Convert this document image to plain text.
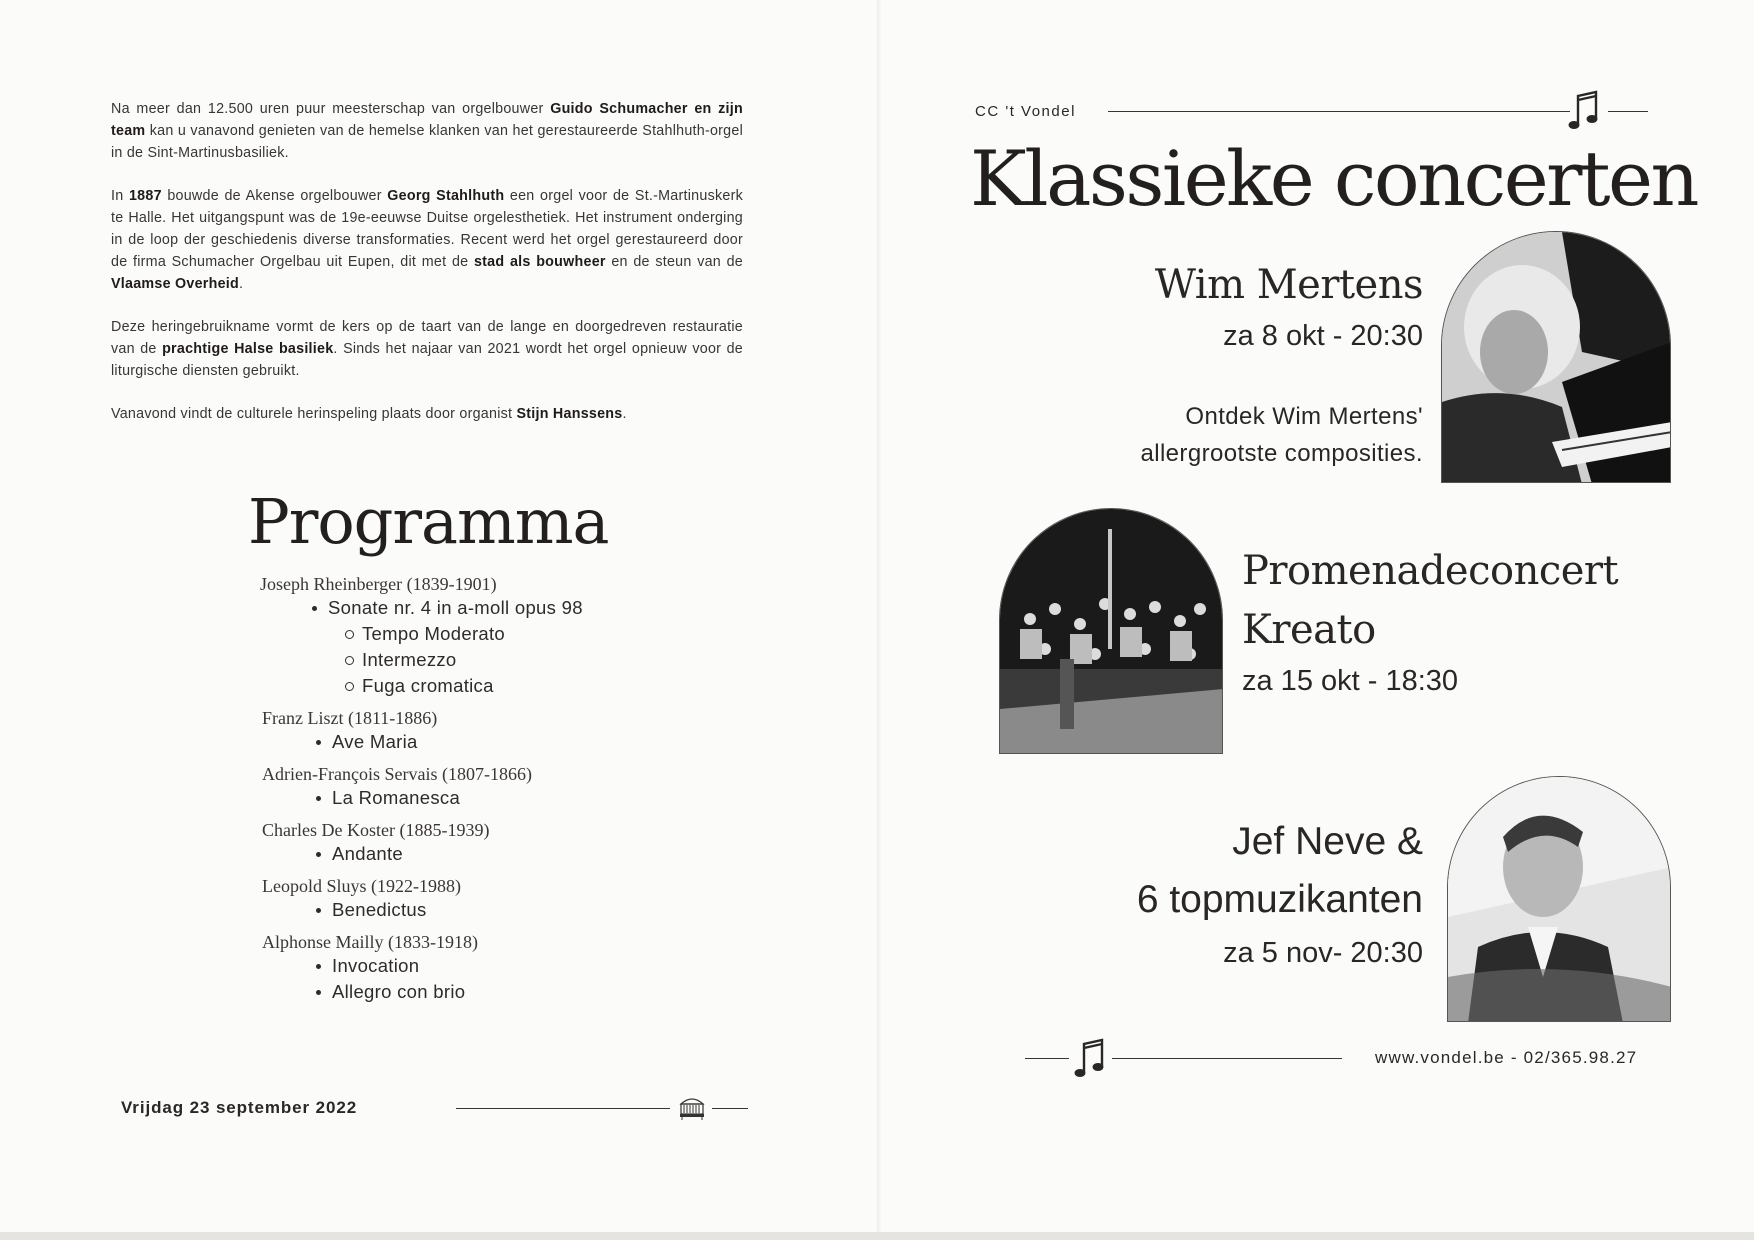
Na meer dan 12.500 uren puur meesterschap van orgelbouwer Guido Schumacher en zijn team kan u vanavond genieten van de hemelse klanken van het gerestaureerde Stahlhuth-orgel in de Sint-Martinusbasiliek.

In 1887 bouwde de Akense orgelbouwer Georg Stahlhuth een orgel voor de St.-Martinuskerk te Halle. Het uitgangspunt was de 19e-eeuwse Duitse orgelesthetiek. Het instrument onderging in de loop der geschiedenis diverse transformaties. Recent werd het orgel gerestaureerd door de firma Schumacher Orgelbau uit Eupen, dit met de stad als bouwheer en de steun van de Vlaamse Overheid.

Deze heringebruikname vormt de kers op de taart van de lange en doorgedreven restauratie van de prachtige Halse basiliek. Sinds het najaar van 2021 wordt het orgel opnieuw voor de liturgische diensten gebruikt.

Vanavond vindt de culturele herinspeling plaats door organist Stijn Hanssens.

Programma
Joseph Rheinberger (1839-1901)
Sonate nr. 4 in a-moll opus 98
Tempo Moderato
Intermezzo
Fuga cromatica
Franz Liszt (1811-1886)
Ave Maria
Adrien-François Servais (1807-1866)
La Romanesca
Charles De Koster (1885-1939)
Andante
Leopold Sluys (1922-1988)
Benedictus
Alphonse Mailly (1833-1918)
Invocation
Allegro con brio
Vrijdag 23 september 2022
CC 't Vondel
Klassieke concerten
Wim Mertens
za 8 okt - 20:30
Ontdek Wim Mertens' allergrootste composities.
Promenadeconcert
Kreato
za 15 okt - 18:30
Jef Neve &
6 topmuzikanten
za 5 nov- 20:30
www.vondel.be - 02/365.98.27
